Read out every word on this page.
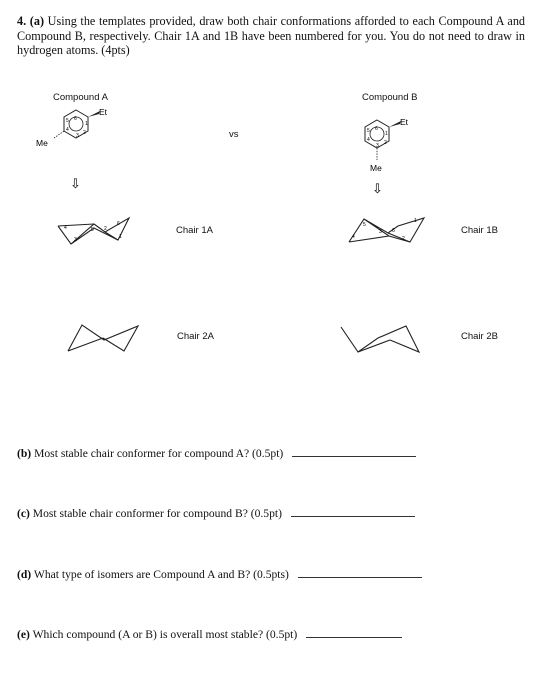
4. (a) Using the templates provided, draw both chair conformations afforded to each Compound A and Compound B, respectively. Chair 1A and 1B have been numbered for you. You do not need to draw in hydrogen atoms. (4pts)
Compound A	Compound B
vs
Et
Me
6
1
2
3
4
5
⇩
Et
Me
6
1
2
3
4
5
⇩
4
3
5 2
6
1
Chair 1A	5
4
3 6
1
2
Chair 1B
Chair 2A	Chair 2B
(b) Most stable chair conformer for compound A? (0.5pt)
(c) Most stable chair conformer for compound B? (0.5pt)
(d) What type of isomers are Compound A and B? (0.5pts)
(e) Which compound (A or B) is overall most stable? (0.5pt)
